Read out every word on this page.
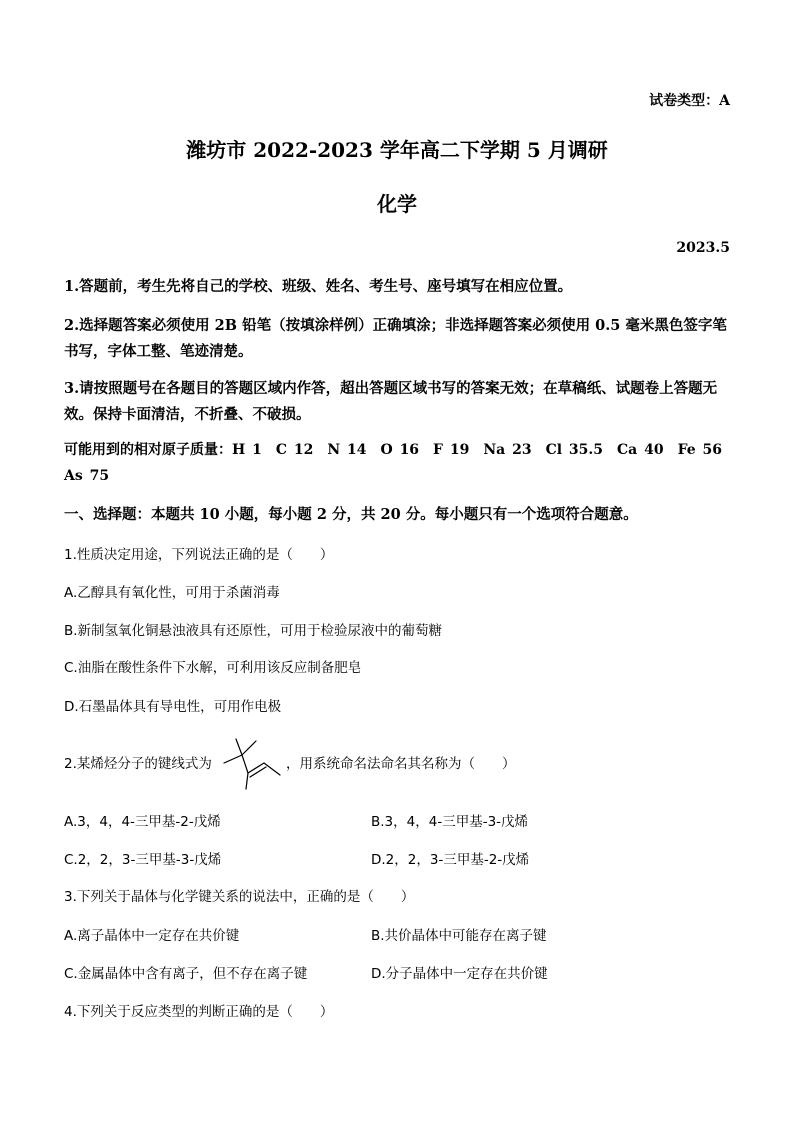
试卷类型：A
潍坊市 2022-2023 学年高二下学期 5 月调研
化学
2023.5
1.答题前，考生先将自己的学校、班级、姓名、考生号、座号填写在相应位置。
2.选择题答案必须使用 2B 铅笔（按填涂样例）正确填涂；非选择题答案必须使用 0.5 毫米黑色签字笔书写，字体工整、笔迹清楚。
3.请按照题号在各题目的答题区域内作答，超出答题区域书写的答案无效；在草稿纸、试题卷上答题无效。保持卡面清洁，不折叠、不破损。
可能用到的相对原子质量：H 1　C 12　N 14　O 16　F 19　Na 23　Cl 35.5　Ca 40　Fe 56　As 75
一、选择题：本题共 10 小题，每小题 2 分，共 20 分。每小题只有一个选项符合题意。
1.性质决定用途，下列说法正确的是（　　）
A.乙醇具有氧化性，可用于杀菌消毒
B.新制氢氧化铜悬浊液具有还原性，可用于检验尿液中的葡萄糖
C.油脂在酸性条件下水解，可利用该反应制备肥皂
D.石墨晶体具有导电性，可用作电极
2.某烯烃分子的键线式为	，用系统命名法命名其名称为（　　）
A.3，4，4-三甲基-2-戊烯	B.3，4，4-三甲基-3-戊烯
C.2，2，3-三甲基-3-戊烯	D.2，2，3-三甲基-2-戊烯
3.下列关于晶体与化学键关系的说法中，正确的是（　　）
A.离子晶体中一定存在共价键	B.共价晶体中可能存在离子键
C.金属晶体中含有离子，但不存在离子键	D.分子晶体中一定存在共价键
4.下列关于反应类型的判断正确的是（　　）
